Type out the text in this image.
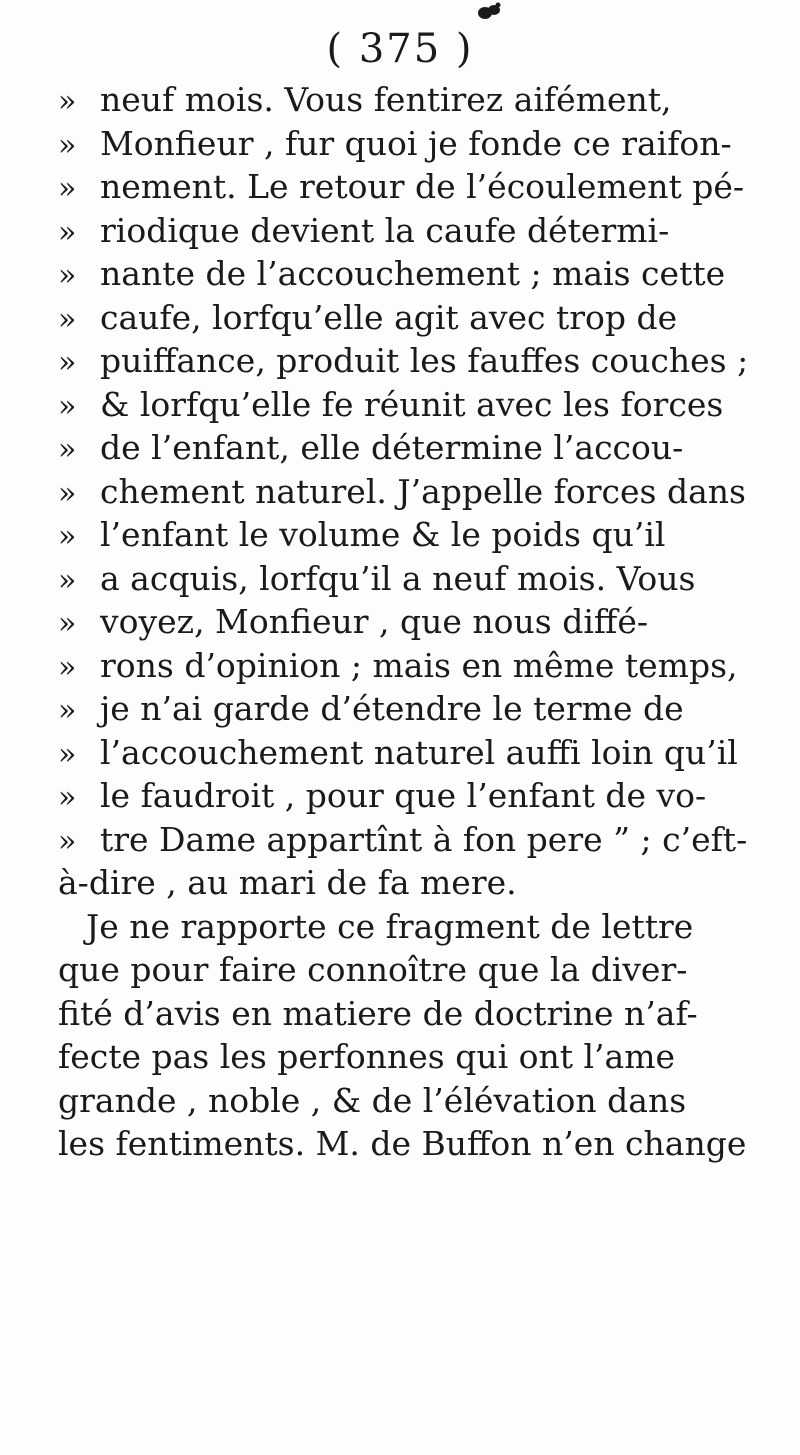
( 375 )
» neuf mois. Vous fentirez aifément,
» Monfieur , fur quoi je fonde ce raifon-
» nement. Le retour de l’écoulement pé-
» riodique devient la caufe détermi-
» nante de l’accouchement ; mais cette
» caufe, lorfqu’elle agit avec trop de
» puiffance, produit les fauffes couches ;
» & lorfqu’elle fe réunit avec les forces
» de l’enfant, elle détermine l’accou-
» chement naturel. J’appelle forces dans
» l’enfant le volume & le poids qu’il
» a acquis, lorfqu’il a neuf mois. Vous
» voyez, Monfieur , que nous diffé-
» rons d’opinion ; mais en même temps,
» je n’ai garde d’étendre le terme de
» l’accouchement naturel auffi loin qu’il
» le faudroit , pour que l’enfant de vo-
» tre Dame appartînt à fon pere ” ; c’eft-
à-dire , au mari de fa mere.
Je ne rapporte ce fragment de lettre
que pour faire connoître que la diver-
fité d’avis en matiere de doctrine n’af-
fecte pas les perfonnes qui ont l’ame
grande , noble , & de l’élévation dans
les fentiments. M. de Buffon n’en change
